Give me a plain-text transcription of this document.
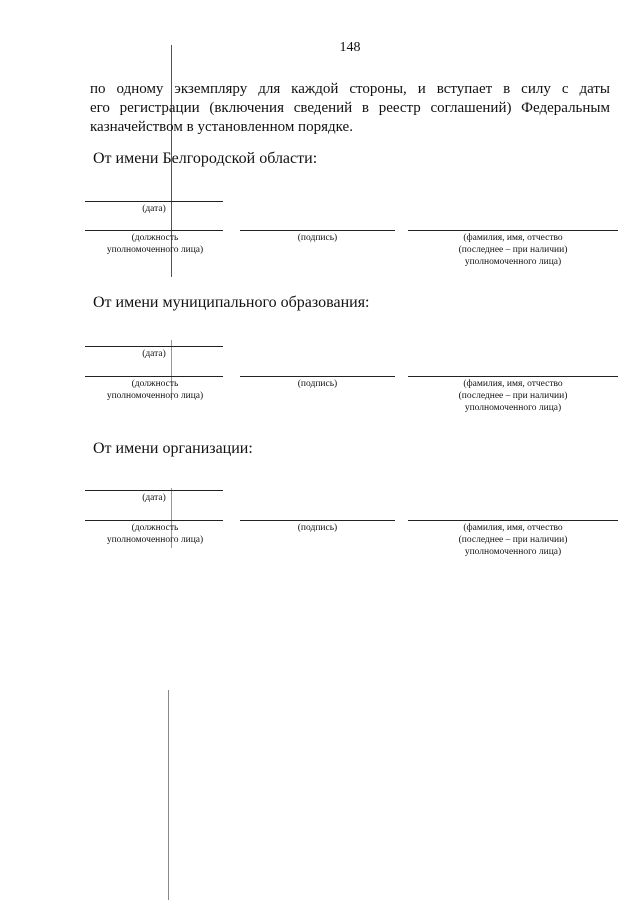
148
по одному экземпляру для каждой стороны, и вступает в силу с даты
его регистрации (включения сведений в реестр соглашений) Федеральным
казначейством в установленном порядке.
От имени Белгородской области:
(дата)
(должность
уполномоченного лица)
(подпись)	(фамилия, имя, отчество
(последнее – при наличии)
уполномоченного лица)
От имени муниципального образования:
(дата)
(должность
уполномоченного лица)
(подпись)	(фамилия, имя, отчество
(последнее – при наличии)
уполномоченного лица)
От имени организации:
(дата)
(должность
уполномоченного лица)
(подпись)	(фамилия, имя, отчество
(последнее – при наличии)
уполномоченного лица)
